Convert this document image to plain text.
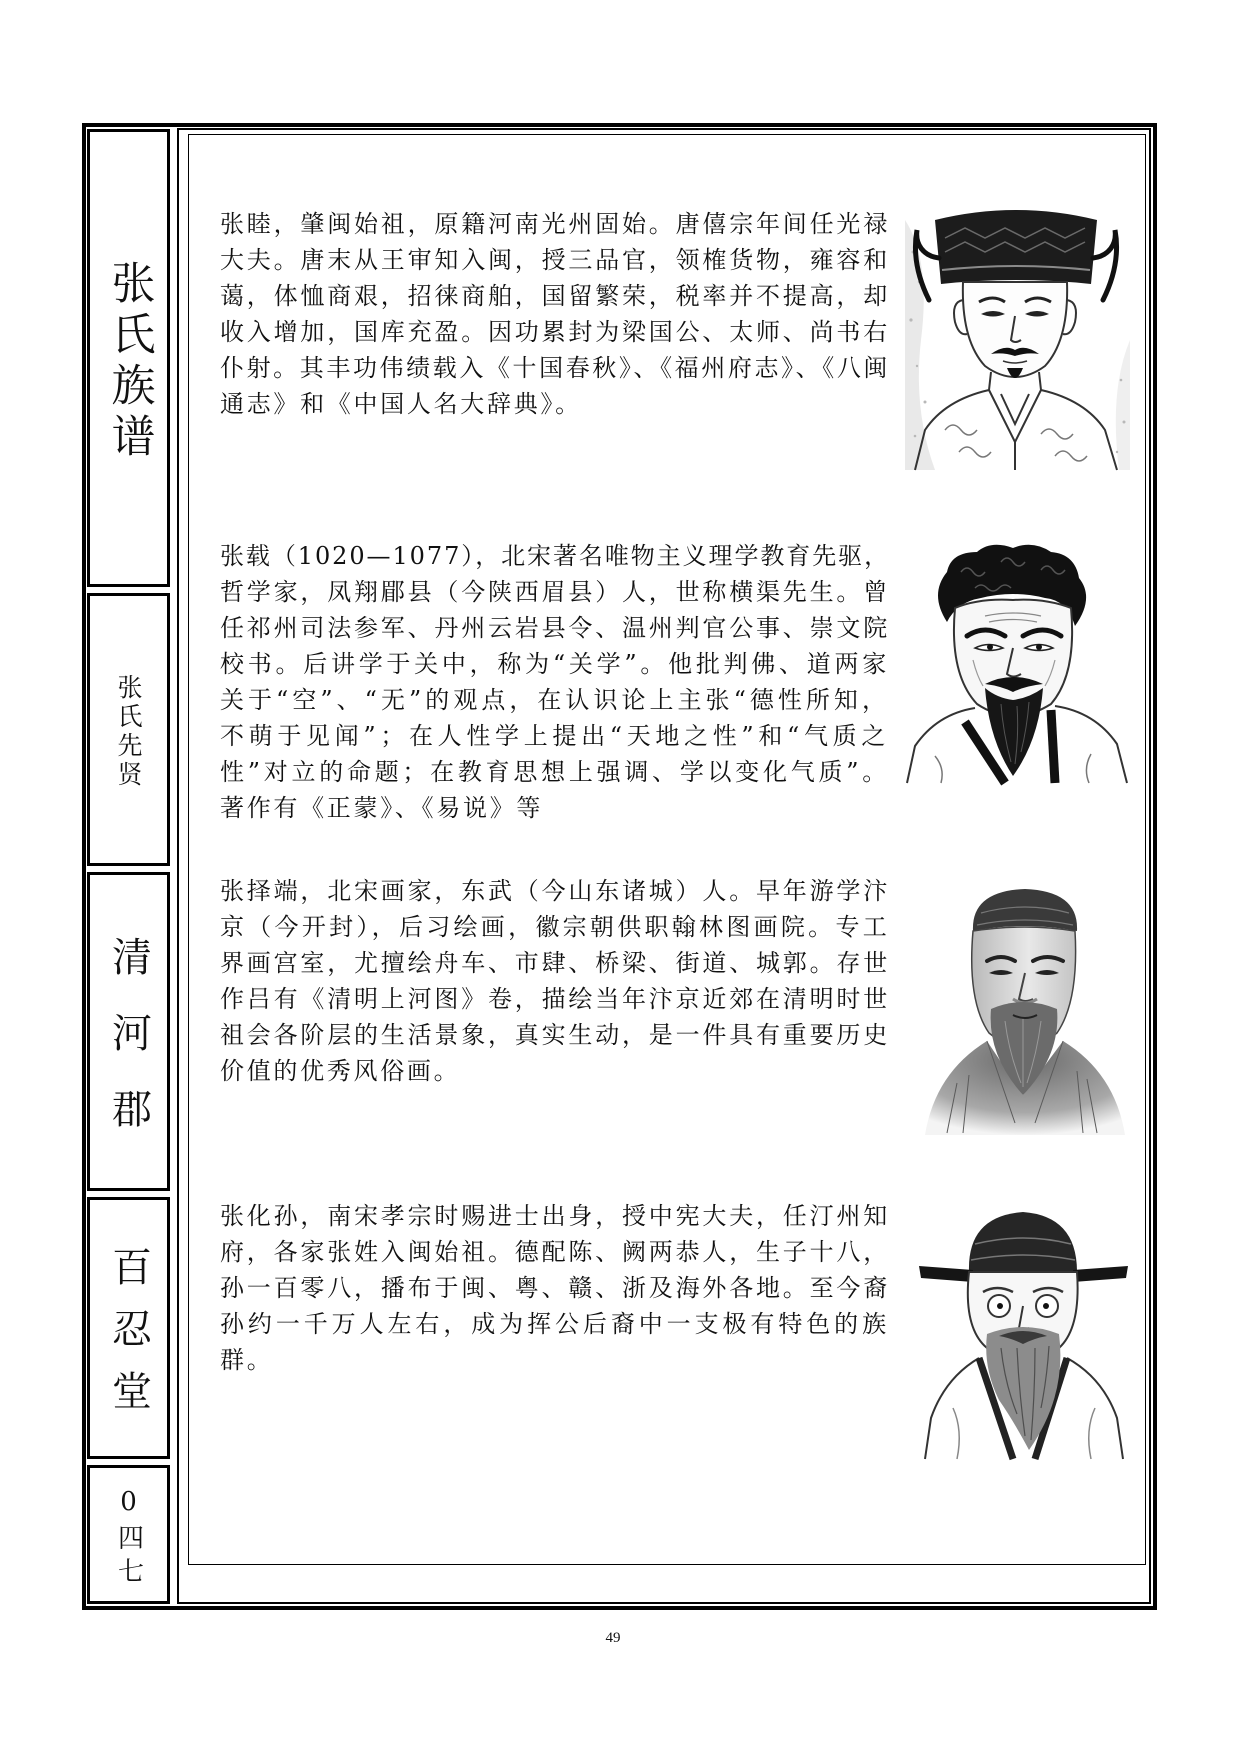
张氏族谱
张氏先贤
清河郡
百忍堂
0四七
张睦，肇闽始祖，原籍河南光州固始。唐僖宗年间任光禄
大夫。唐末从王审知入闽，授三品官，领榷货物，雍容和
蔼，体恤商艰，招徕商舶，国留繁荣，税率并不提高，却
收入增加，国库充盈。因功累封为梁国公、太师、尚书右
仆射。其丰功伟绩载入《十国春秋》、《福州府志》、《八闽
通志》和《中国人名大辞典》。
张载（1020—1077），北宋著名唯物主义理学教育先驱，
哲学家，凤翔郿县（今陕西眉县）人，世称横渠先生。曾
任祁州司法参军、丹州云岩县令、温州判官公事、崇文院
校书。后讲学于关中，称为“关学”。他批判佛、道两家
关于“空”、“无”的观点，在认识论上主张“德性所知，
不萌于见闻”；在人性学上提出“天地之性”和“气质之
性”对立的命题；在教育思想上强调、学以变化气质”。
著作有《正蒙》、《易说》等
张择端，北宋画家，东武（今山东诸城）人。早年游学汴
京（今开封），后习绘画，徽宗朝供职翰林图画院。专工
界画宫室，尤擅绘舟车、市肆、桥梁、街道、城郭。存世
作吕有《清明上河图》卷，描绘当年汴京近郊在清明时世
祖会各阶层的生活景象，真实生动，是一件具有重要历史
价值的优秀风俗画。
张化孙，南宋孝宗时赐进士出身，授中宪大夫，任汀州知
府，各家张姓入闽始祖。德配陈、阙两恭人，生子十八，
孙一百零八，播布于闽、粤、赣、浙及海外各地。至今裔
孙约一千万人左右，成为挥公后裔中一支极有特色的族
群。
49
